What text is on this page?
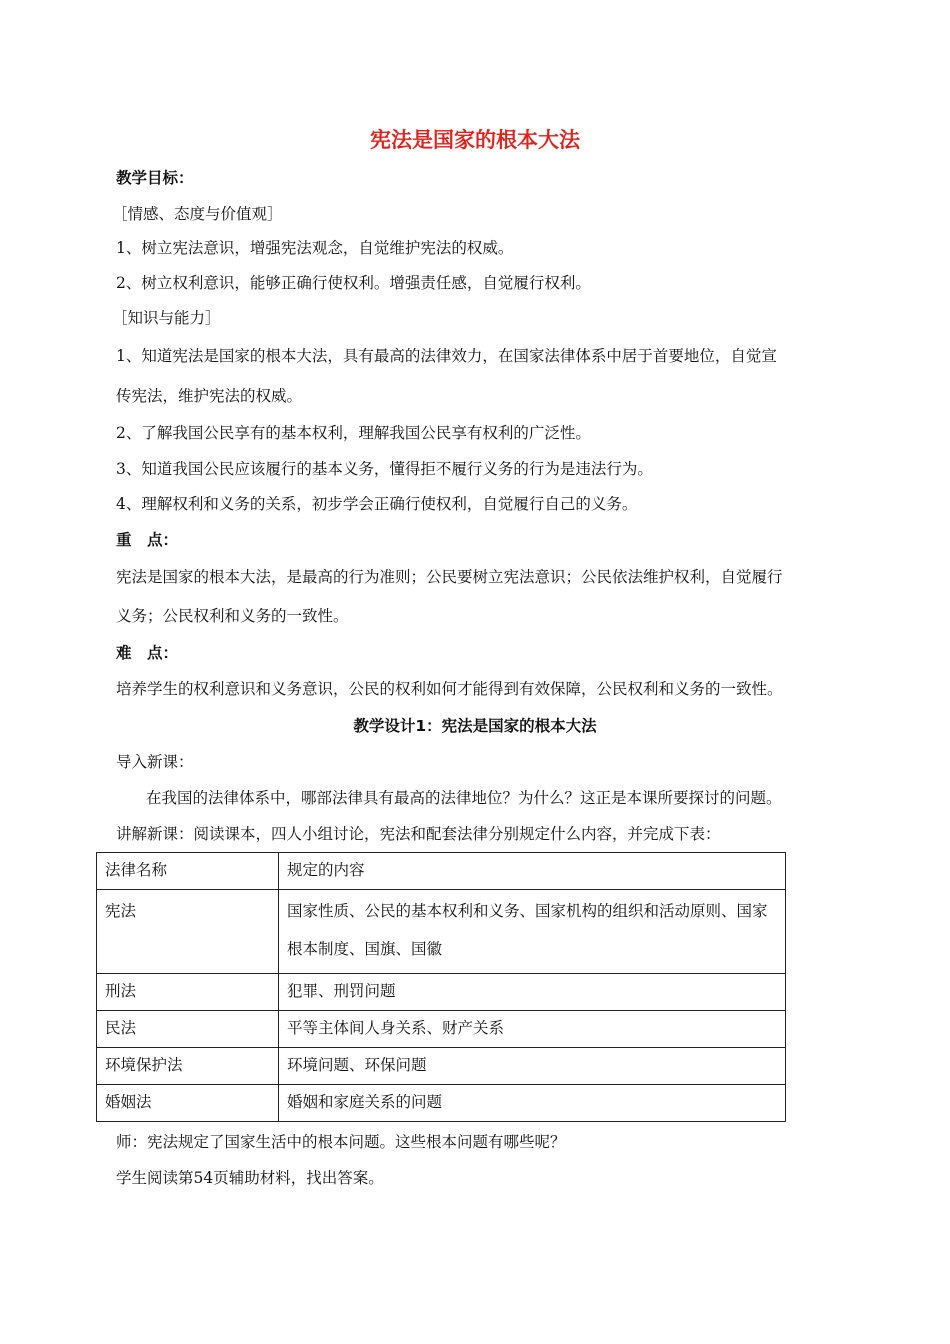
宪法是国家的根本大法
教学目标：
［情感、态度与价值观］
1、树立宪法意识，增强宪法观念，自觉维护宪法的权威。
2、树立权利意识，能够正确行使权利。增强责任感，自觉履行权利。
［知识与能力］
1、知道宪法是国家的根本大法，具有最高的法律效力，在国家法律体系中居于首要地位，自觉宣
传宪法，维护宪法的权威。
2、了解我国公民享有的基本权利，理解我国公民享有权利的广泛性。
3、知道我国公民应该履行的基本义务，懂得拒不履行义务的行为是违法行为。
4、理解权利和义务的关系，初步学会正确行使权利，自觉履行自己的义务。
重　点：
宪法是国家的根本大法，是最高的行为准则；公民要树立宪法意识；公民依法维护权利，自觉履行
义务；公民权利和义务的一致性。
难　点：
培养学生的权利意识和义务意识，公民的权利如何才能得到有效保障，公民权利和义务的一致性。
教学设计1：宪法是国家的根本大法
导入新课：
在我国的法律体系中，哪部法律具有最高的法律地位？为什么？这正是本课所要探讨的问题。
讲解新课：阅读课本，四人小组讨论，宪法和配套法律分别规定什么内容，并完成下表：
法律名称	规定的内容
宪法	国家性质、公民的基本权利和义务、国家机构的组织和活动原则、国家根本制度、国旗、国徽
刑法	犯罪、刑罚问题
民法	平等主体间人身关系、财产关系
环境保护法	环境问题、环保问题
婚姻法	婚姻和家庭关系的问题
师：宪法规定了国家生活中的根本问题。这些根本问题有哪些呢？
学生阅读第54页辅助材料，找出答案。
